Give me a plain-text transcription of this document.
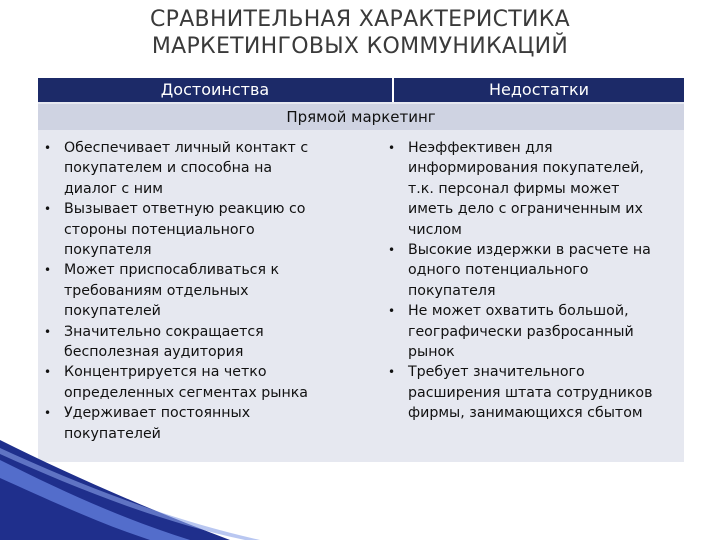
СРАВНИТЕЛЬНАЯ ХАРАКТЕРИСТИКА
МАРКЕТИНГОВЫХ КОММУНИКАЦИЙ
Достоинства	Недостатки
Прямой маркетинг
• Обеспечивает личный контакт с
покупателем и способна на
диалог с ним
• Вызывает ответную реакцию со
стороны потенциального
покупателя
• Может приспосабливаться к
требованиям отдельных
покупателей
• Значительно сокращается
бесполезная аудитория
• Концентрируется на четко
определенных сегментах рынка
• Удерживает постоянных
покупателей
• Неэффективен для
информирования покупателей,
т.к. персонал фирмы может
иметь дело с ограниченным их
числом
• Высокие издержки в расчете на
одного потенциального
покупателя
• Не может охватить большой,
географически разбросанный
рынок
• Требует значительного
расширения штата сотрудников
фирмы, занимающихся сбытом
